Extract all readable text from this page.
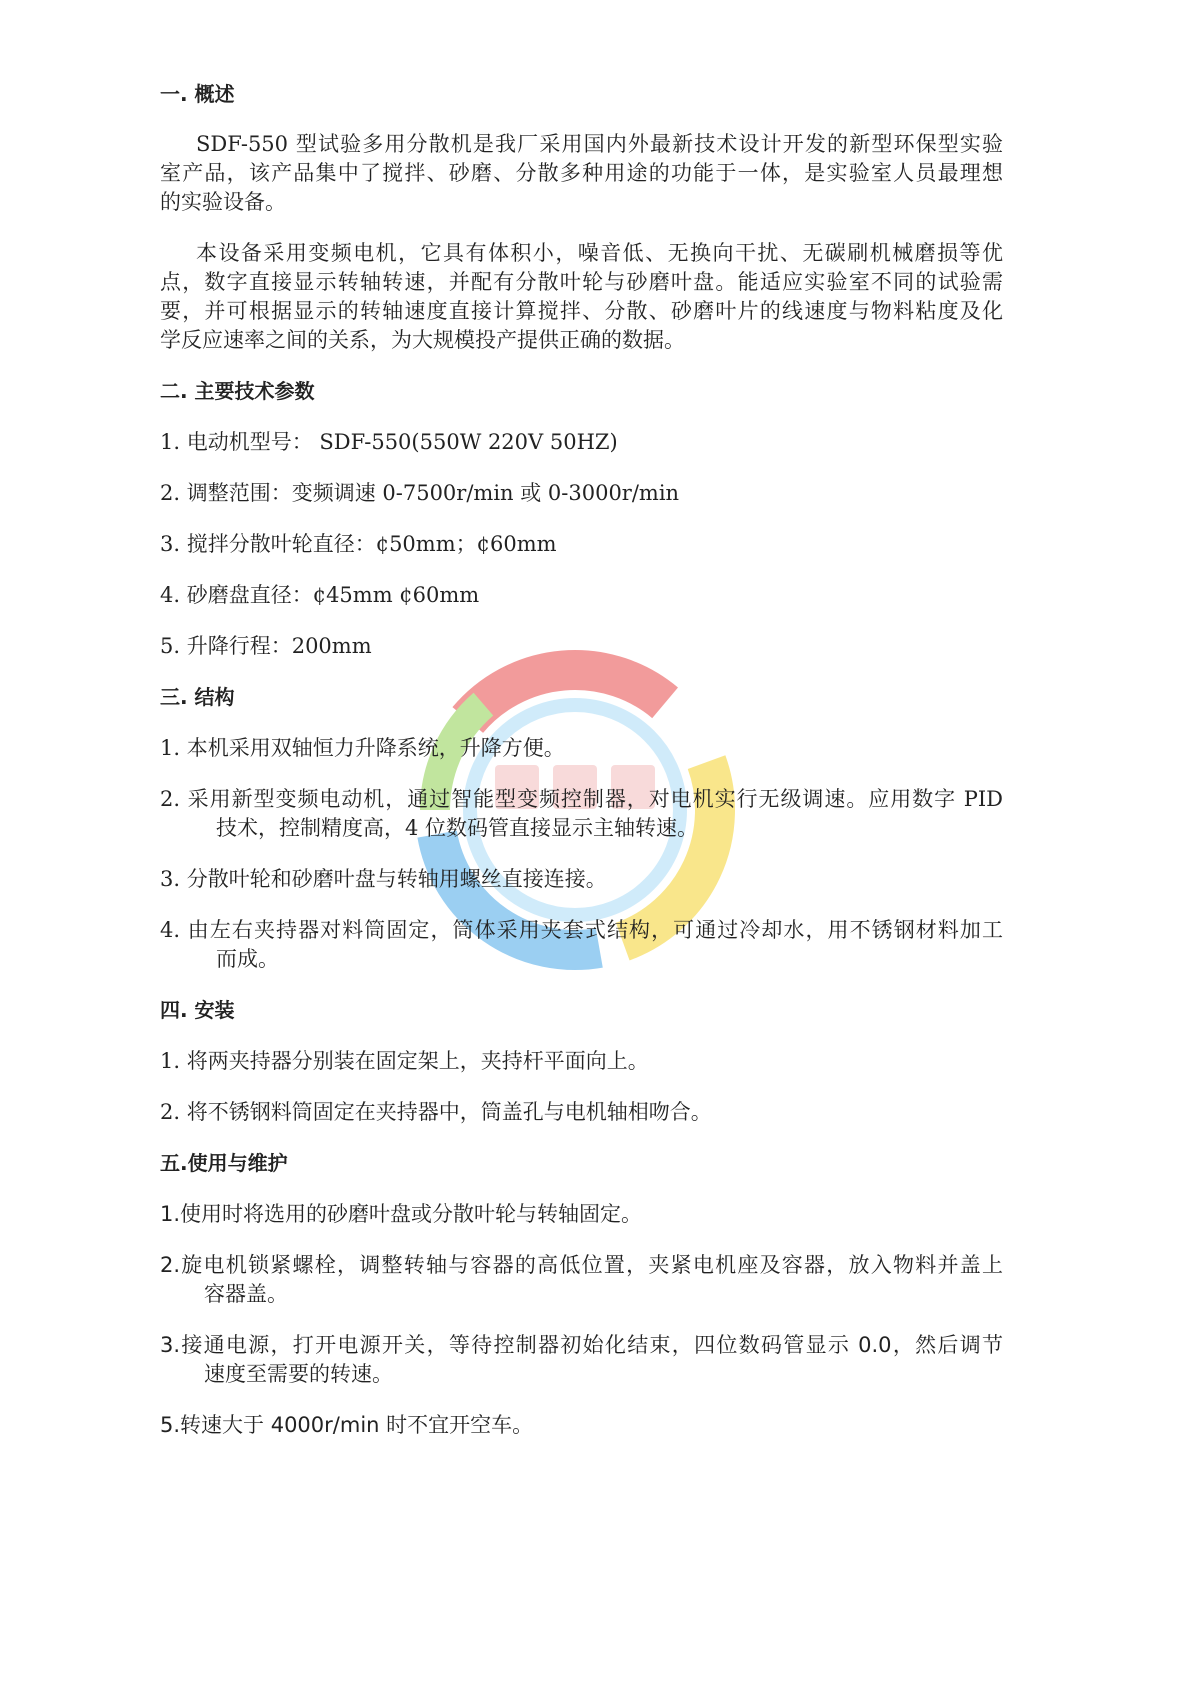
一. 概述
SDF-550 型试验多用分散机是我厂采用国内外最新技术设计开发的新型环保型实验
室产品，该产品集中了搅拌、砂磨、分散多种用途的功能于一体，是实验室人员最理想
的实验设备。
本设备采用变频电机，它具有体积小，噪音低、无换向干扰、无碳刷机械磨损等优
点，数字直接显示转轴转速，并配有分散叶轮与砂磨叶盘。能适应实验室不同的试验需
要，并可根据显示的转轴速度直接计算搅拌、分散、砂磨叶片的线速度与物料粘度及化
学反应速率之间的关系，为大规模投产提供正确的数据。
二. 主要技术参数
1. 电动机型号： SDF-550(550W 220V 50HZ)
2. 调整范围：变频调速 0-7500r/min 或 0-3000r/min
3. 搅拌分散叶轮直径：¢50mm；¢60mm
4. 砂磨盘直径：¢45mm ¢60mm
5. 升降行程：200mm
三. 结构
1. 本机采用双轴恒力升降系统，升降方便。
2. 采用新型变频电动机，通过智能型变频控制器，对电机实行无级调速。应用数字 PID
技术，控制精度高，4 位数码管直接显示主轴转速。
3. 分散叶轮和砂磨叶盘与转轴用螺丝直接连接。
4. 由左右夹持器对料筒固定，筒体采用夹套式结构，可通过冷却水，用不锈钢材料加工
而成。
四. 安装
1. 将两夹持器分别装在固定架上，夹持杆平面向上。
2. 将不锈钢料筒固定在夹持器中，筒盖孔与电机轴相吻合。
五.使用与维护
1.使用时将选用的砂磨叶盘或分散叶轮与转轴固定。
2.旋电机锁紧螺栓，调整转轴与容器的高低位置，夹紧电机座及容器，放入物料并盖上
容器盖。
3.接通电源，打开电源开关，等待控制器初始化结束，四位数码管显示 0.0，然后调节
速度至需要的转速。
5.转速大于 4000r/min 时不宜开空车。
